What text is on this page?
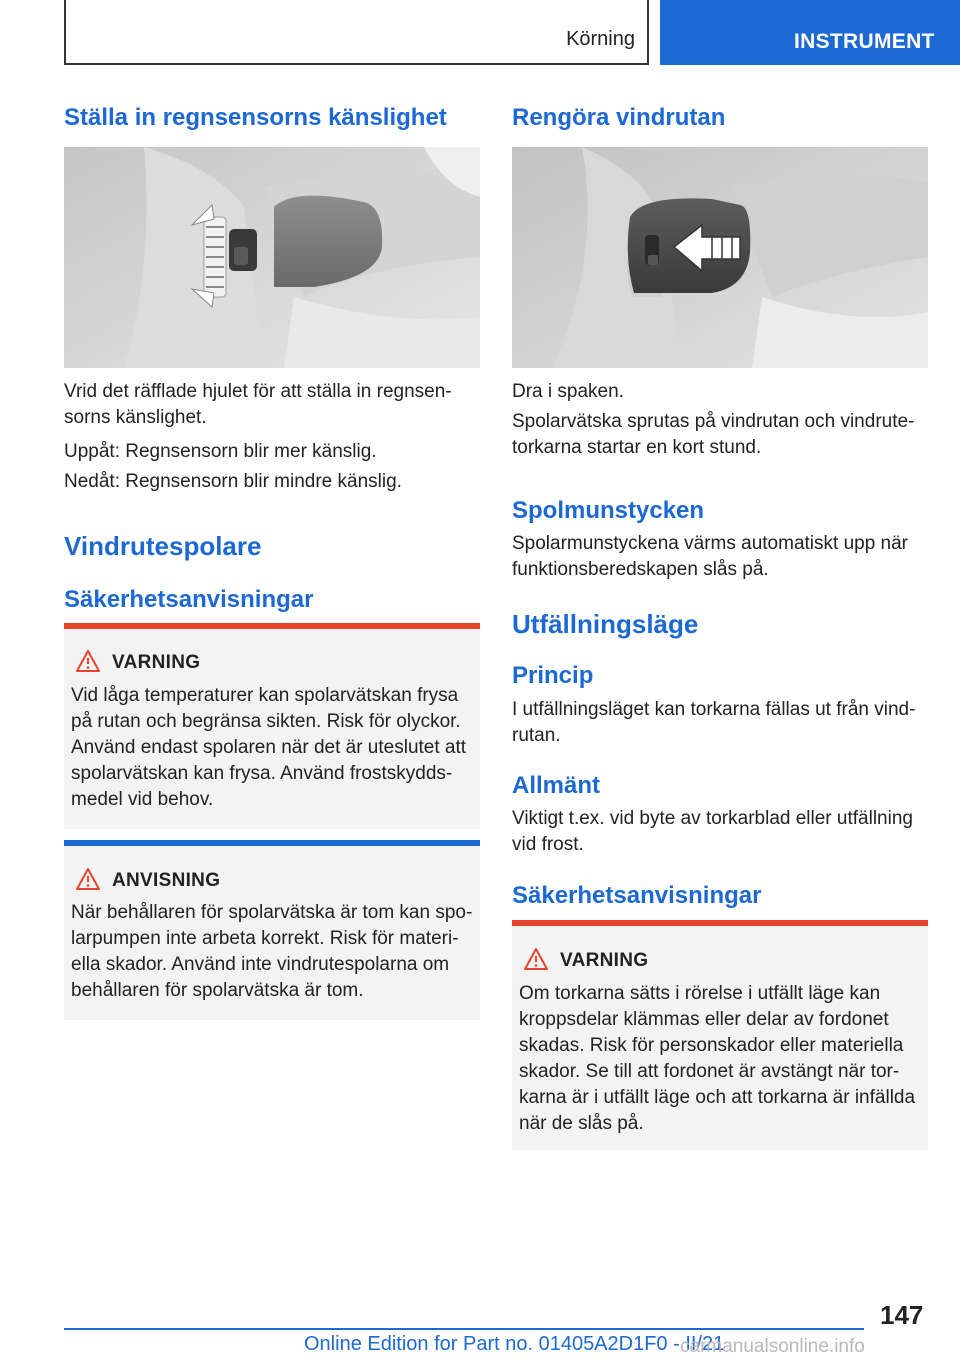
Körning	INSTRUMENT
Ställa in regnsensorns känslighet

Vrid det räfflade hjulet för att ställa in regnsen-sorns känslighet.

Uppåt: Regnsensorn blir mer känslig.

Nedåt: Regnsensorn blir mindre känslig.

Vindrutespolare
Säkerhetsanvisningar
VARNING

Vid låga temperaturer kan spolarvätskan frysa på rutan och begränsa sikten. Risk för olyckor. Använd endast spolaren när det är uteslutet att spolarvätskan kan frysa. Använd frostskydds-medel vid behov.

ANVISNING

När behållaren för spolarvätska är tom kan spo-larpumpen inte arbeta korrekt. Risk för materi-ella skador. Använd inte vindrutespolarna om behållaren för spolarvätska är tom.

Rengöra vindrutan

Dra i spaken.

Spolarvätska sprutas på vindrutan och vindrute-torkarna startar en kort stund.

Spolmunstycken

Spolarmunstyckena värms automatiskt upp när funktionsberedskapen slås på.

Utfällningsläge
Princip

I utfällningsläget kan torkarna fällas ut från vind-rutan.

Allmänt

Viktigt t.ex. vid byte av torkarblad eller utfällning vid frost.

Säkerhetsanvisningar
VARNING

Om torkarna sätts i rörelse i utfällt läge kan kroppsdelar klämmas eller delar av fordonet skadas. Risk för personskador eller materiella skador. Se till att fordonet är avstängt när tor-karna är i utfällt läge och att torkarna är infällda när de slås på.

147
Online Edition for Part no. 01405A2D1F0 - II/21
carmanualsonline.info
